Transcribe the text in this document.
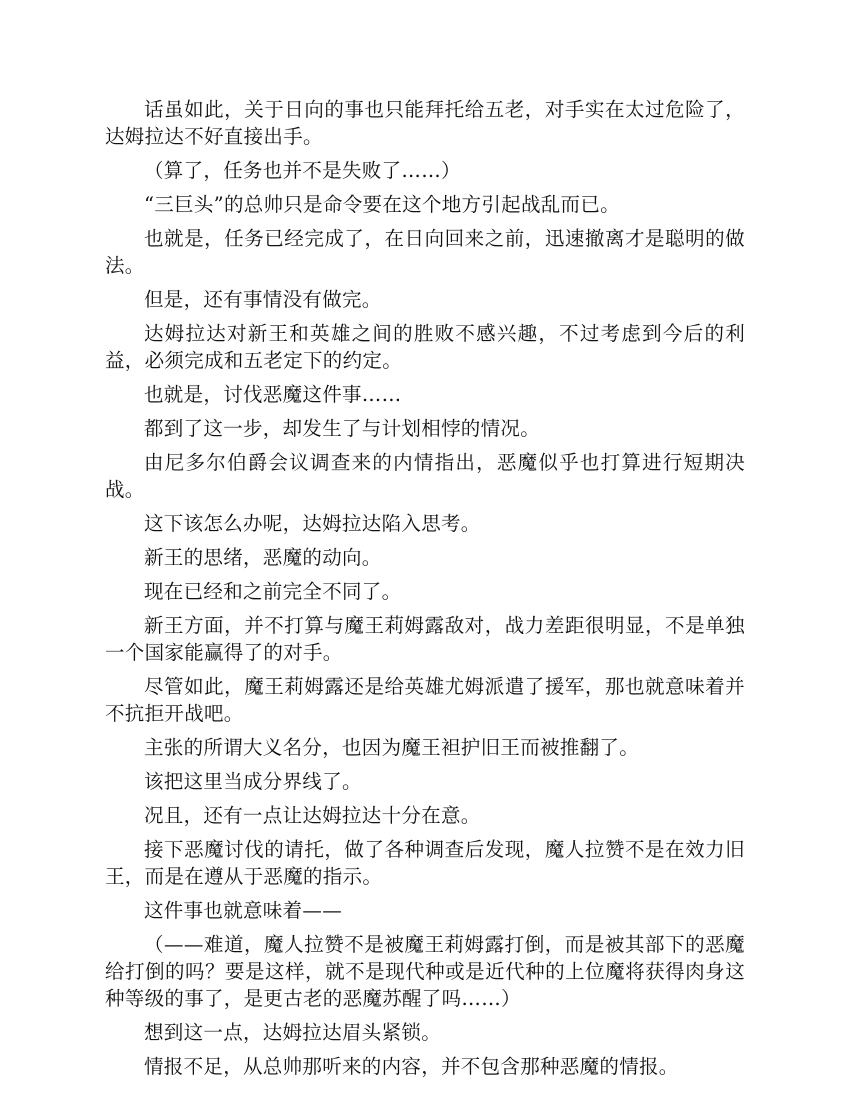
话虽如此，关于日向的事也只能拜托给五老，对手实在太过危险了，达姆拉达不好直接出手。

（算了，任务也并不是失败了……）

“三巨头”的总帅只是命令要在这个地方引起战乱而已。

也就是，任务已经完成了，在日向回来之前，迅速撤离才是聪明的做法。

但是，还有事情没有做完。

达姆拉达对新王和英雄之间的胜败不感兴趣，不过考虑到今后的利益，必须完成和五老定下的约定。

也就是，讨伐恶魔这件事……

都到了这一步，却发生了与计划相悖的情况。

由尼多尔伯爵会议调查来的内情指出，恶魔似乎也打算进行短期决战。

这下该怎么办呢，达姆拉达陷入思考。

新王的思绪，恶魔的动向。

现在已经和之前完全不同了。

新王方面，并不打算与魔王莉姆露敌对，战力差距很明显，不是单独一个国家能赢得了的对手。

尽管如此，魔王莉姆露还是给英雄尤姆派遣了援军，那也就意味着并不抗拒开战吧。

主张的所谓大义名分，也因为魔王袒护旧王而被推翻了。

该把这里当成分界线了。

况且，还有一点让达姆拉达十分在意。

接下恶魔讨伐的请托，做了各种调查后发现，魔人拉赞不是在效力旧王，而是在遵从于恶魔的指示。

这件事也就意味着——

（——难道，魔人拉赞不是被魔王莉姆露打倒，而是被其部下的恶魔给打倒的吗？要是这样，就不是现代种或是近代种的上位魔将获得肉身这种等级的事了，是更古老的恶魔苏醒了吗……）

想到这一点，达姆拉达眉头紧锁。

情报不足，从总帅那听来的内容，并不包含那种恶魔的情报。
